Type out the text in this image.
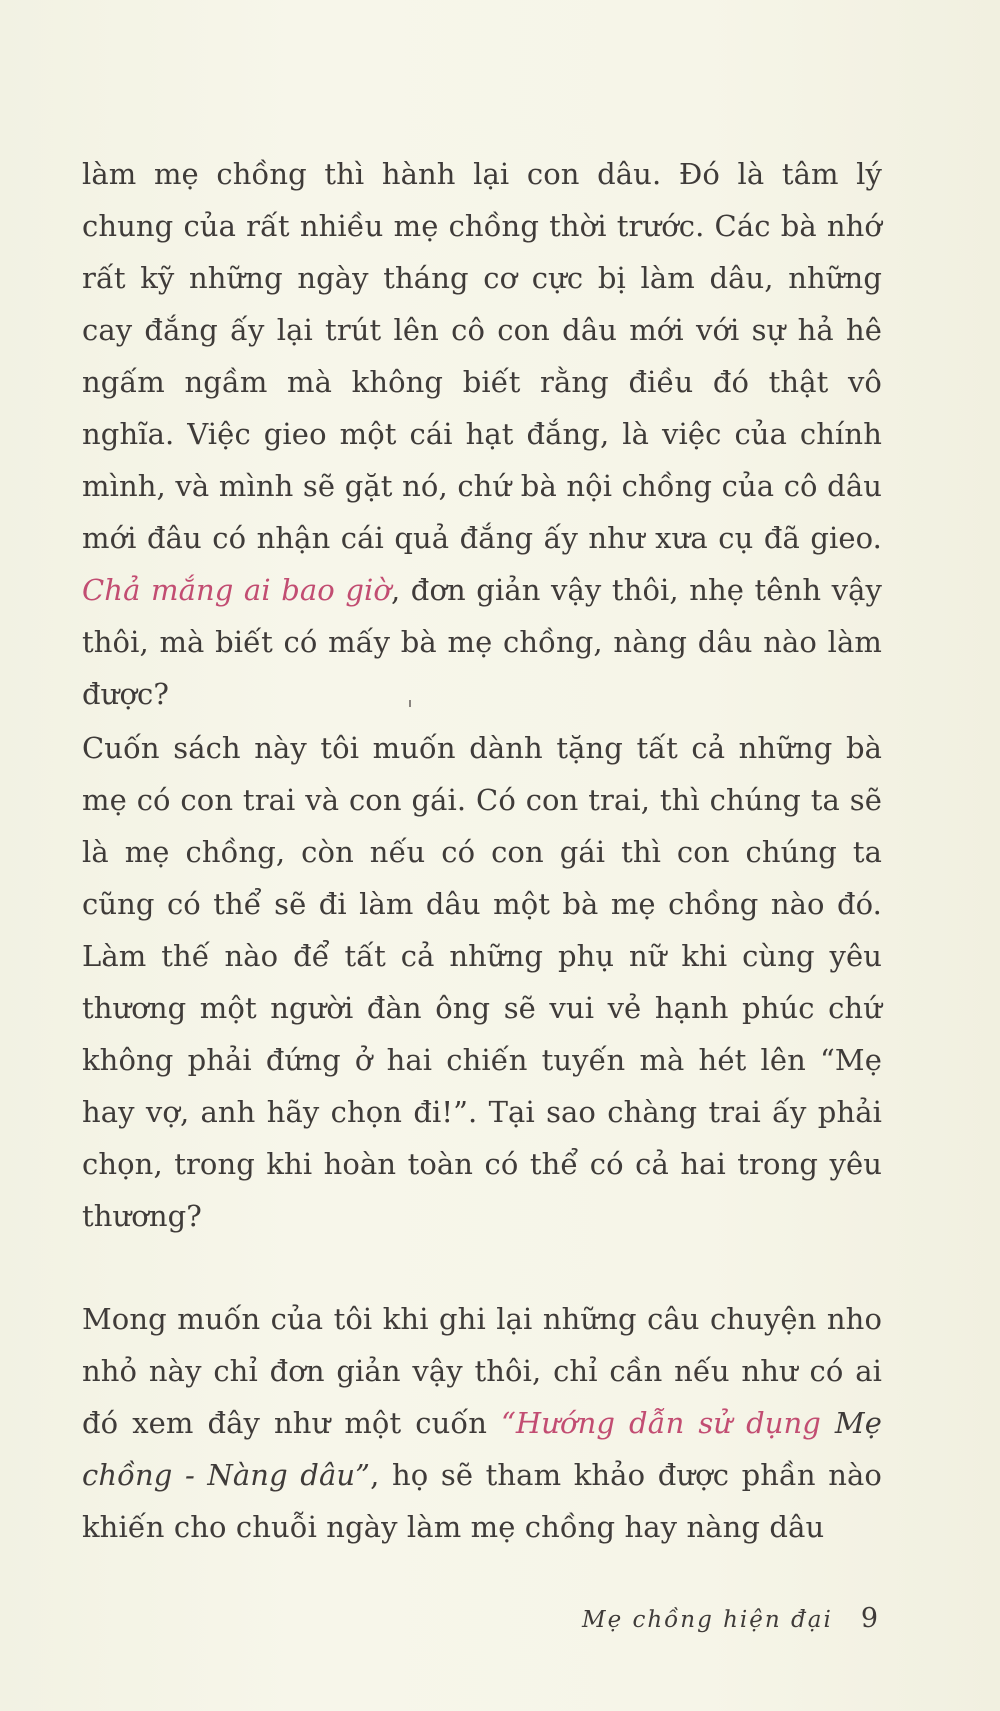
làm mẹ chồng thì hành lại con dâu. Đó là tâm lý chung của rất nhiều mẹ chồng thời trước. Các bà nhớ rất kỹ những ngày tháng cơ cực bị làm dâu, những cay đắng ấy lại trút lên cô con dâu mới với sự hả hê ngấm ngầm mà không biết rằng điều đó thật vô nghĩa. Việc gieo một cái hạt đắng, là việc của chính mình, và mình sẽ gặt nó, chứ bà nội chồng của cô dâu mới đâu có nhận cái quả đắng ấy như xưa cụ đã gieo. Chả mắng ai bao giờ, đơn giản vậy thôi, nhẹ tênh vậy thôi, mà biết có mấy bà mẹ chồng, nàng dâu nào làm được?

Cuốn sách này tôi muốn dành tặng tất cả những bà mẹ có con trai và con gái. Có con trai, thì chúng ta sẽ là mẹ chồng, còn nếu có con gái thì con chúng ta cũng có thể sẽ đi làm dâu một bà mẹ chồng nào đó. Làm thế nào để tất cả những phụ nữ khi cùng yêu thương một người đàn ông sẽ vui vẻ hạnh phúc chứ không phải đứng ở hai chiến tuyến mà hét lên “Mẹ hay vợ, anh hãy chọn đi!”. Tại sao chàng trai ấy phải chọn, trong khi hoàn toàn có thể có cả hai trong yêu thương?

Mong muốn của tôi khi ghi lại những câu chuyện nho nhỏ này chỉ đơn giản vậy thôi, chỉ cần nếu như có ai đó xem đây như một cuốn “Hướng dẫn sử dụng Mẹ chồng - Nàng dâu”, họ sẽ tham khảo được phần nào khiến cho chuỗi ngày làm mẹ chồng hay nàng dâu

Mẹ chồng hiện đại 9
